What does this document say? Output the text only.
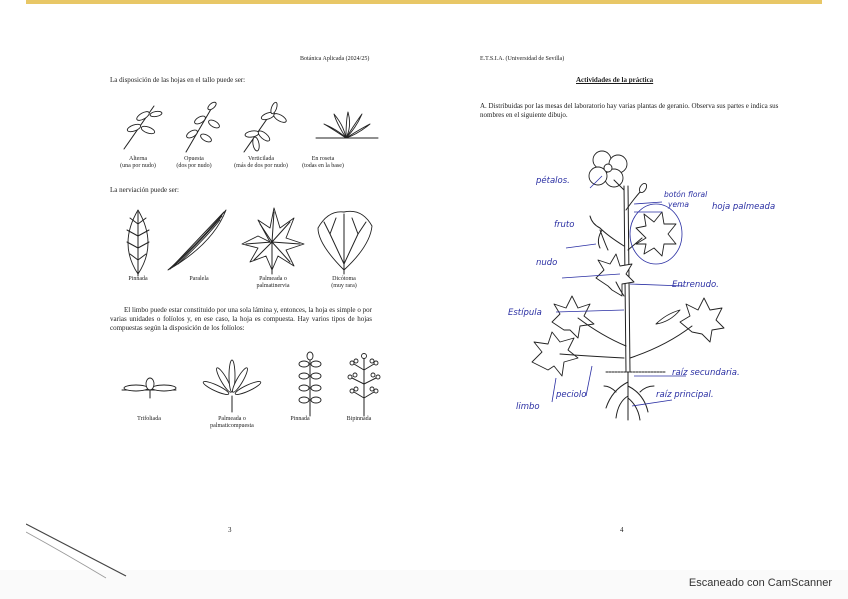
Botánica Aplicada (2024/25)
La disposición de las hojas en el tallo puede ser:
Alterna
(una por nudo)
Opuesta
(dos por nudo)
Verticilada
(más de dos por nudo)
En roseta
(todas en la base)
La nerviación puede ser:
Pinnada	Paralela	Palmeada o
palmatinervia
Dicótoma
(muy rara)
El limbo puede estar constituido por una sola lámina y, entonces, la hoja es simple o por varias unidades o folíolos y, en ese caso, la hoja es compuesta. Hay varios tipos de hojas compuestas según la disposición de los folíolos:
Trifoliada	Palmeada o
palmaticompuesta
Pinnada	Bipinnada
3
E.T.S.I.A. (Universidad de Sevilla)
Actividades de la práctica
A. Distribuidas por las mesas del laboratorio hay varias plantas de geranio. Observa sus partes e indica sus nombres en el siguiente dibujo.
pétalos.
botón floral
yema	hoja palmeada
fruto
nudo
Entrenudo.
Estípula
raíz secundaria.
peciolo	raíz principal.
limbo
4
Escaneado con CamScanner
